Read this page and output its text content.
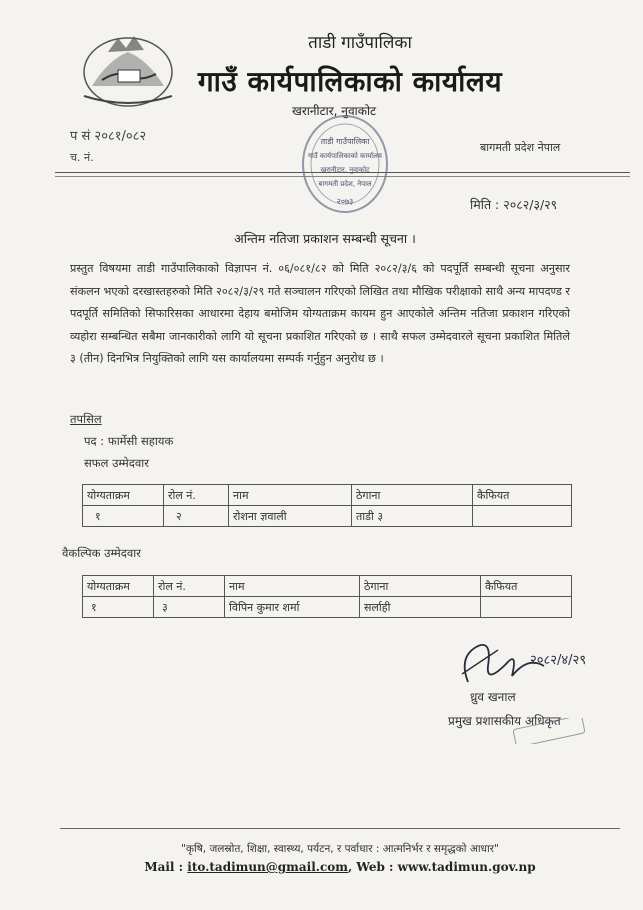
ताडी गाउँपालिका
गाउँ कार्यपालिकाको कार्यालय
खरानीटार, नुवाकोट
बागमती प्रदेश नेपाल
प सं २०८१/०८२
च. नं.
ताडी गाउँपालिका
गाउँ कार्यपालिकाको कार्यालय
खरानीटार, नुवाकोट
बागमती प्रदेश, नेपाल
२०७३	मिति : २०८२/३/२९
अन्तिम नतिजा प्रकाशन सम्बन्धी सूचना ।
प्रस्तुत विषयमा ताडी गाउँपालिकाको विज्ञापन नं. ०६/०८१/८२ को मिति २०८२/३/६ को पदपूर्ति सम्बन्धी सूचना अनुसार संकलन भएको दरखास्तहरुको मिति २०८२/३/२९ गते सञ्चालन गरिएको लिखित तथा मौखिक परीक्षाको साथै अन्य मापदण्ड र पदपूर्ति समितिको सिफारिसका आधारमा देहाय बमोजिम योग्यताक्रम कायम हुन आएकोले अन्तिम नतिजा प्रकाशन गरिएको व्यहोरा सम्बन्धित सबैमा जानकारीको लागि यो सूचना प्रकाशित गरिएको छ । साथै सफल उम्मेदवारले सूचना प्रकाशित मितिले ३ (तीन) दिनभित्र नियुक्तिको लागि यस कार्यालयमा सम्पर्क गर्नुहुन अनुरोध छ ।
तपसिल
पद : फार्मेसी सहायक
सफल उम्मेदवार
योग्यताक्रम	रोल नं.	नाम	ठेगाना	कैफियत
१	२	रोशना ज्ञवाली	ताडी ३	
वैकल्पिक उम्मेदवार
योग्यताक्रम	रोल नं.	नाम	ठेगाना	कैफियत
१	३	विपिन कुमार शर्मा	सर्लाही	
२०८२/४/२९
ध्रुव खनाल
प्रमुख प्रशासकीय अधिकृत
"कृषि, जलस्रोत, शिक्षा, स्वास्थ्य, पर्यटन, र पर्वाधार : आत्मनिर्भर र समृद्धको आधार"
Mail : ito.tadimun@gmail.com, Web : www.tadimun.gov.np
